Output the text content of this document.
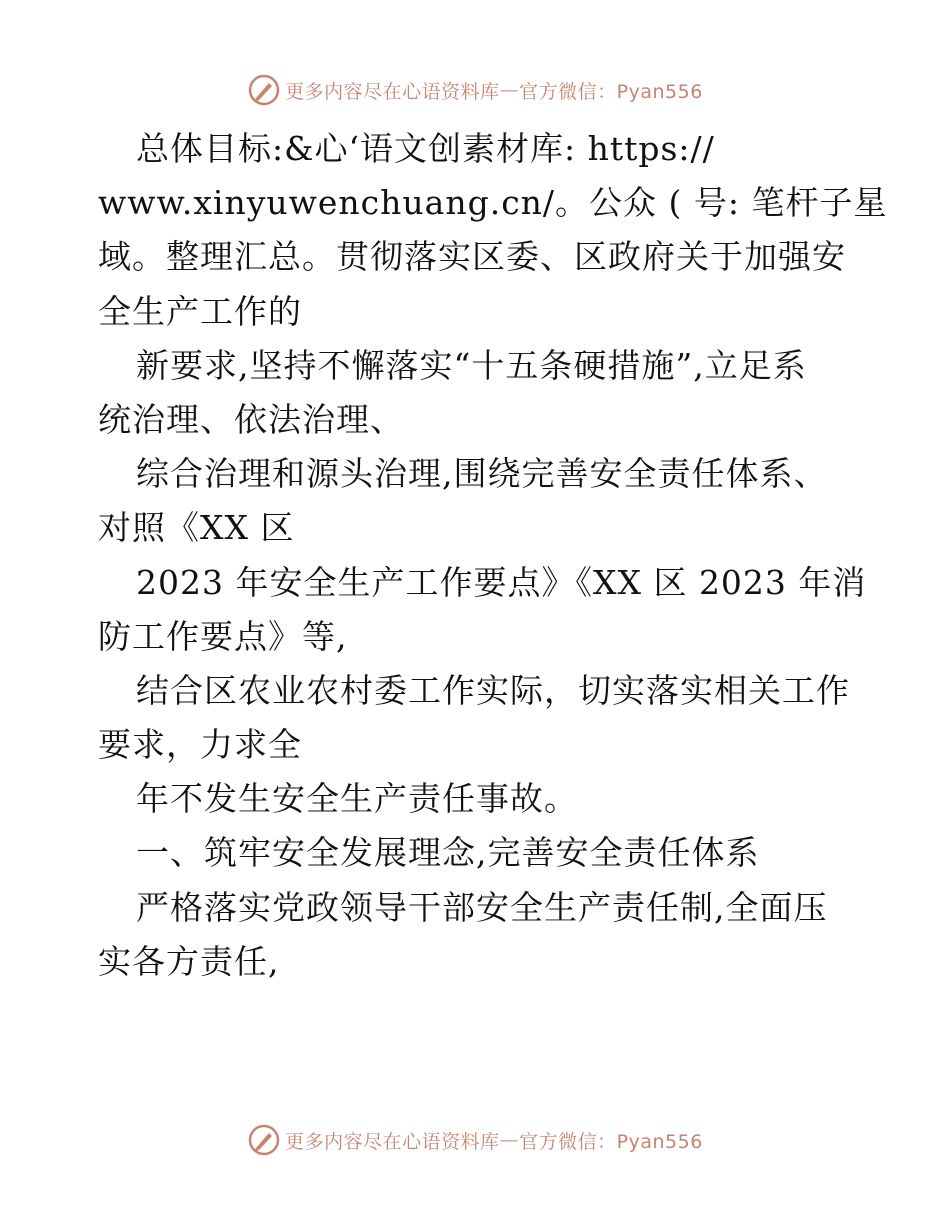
更多内容尽在心语资料库 — 官方微信：Pyan556
总体目标:&心‘语文创素材库: https://
www.xinyuwenchuang.cn/。公众 ( 号: 笔杆子星
域。整理汇总。贯彻落实区委、区政府关于加强安
全生产工作的
新要求,坚持不懈落实“十五条硬措施”,立足系
统治理、依法治理、
综合治理和源头治理,围绕完善安全责任体系、
对照《XX 区
2023 年安全生产工作要点》《XX 区 2023 年消
防工作要点》等,
结合区农业农村委工作实际，切实落实相关工作
要求，力求全
年不发生安全生产责任事故。
一、筑牢安全发展理念,完善安全责任体系
严格落实党政领导干部安全生产责任制,全面压
实各方责任,
更多内容尽在心语资料库 — 官方微信：Pyan556
